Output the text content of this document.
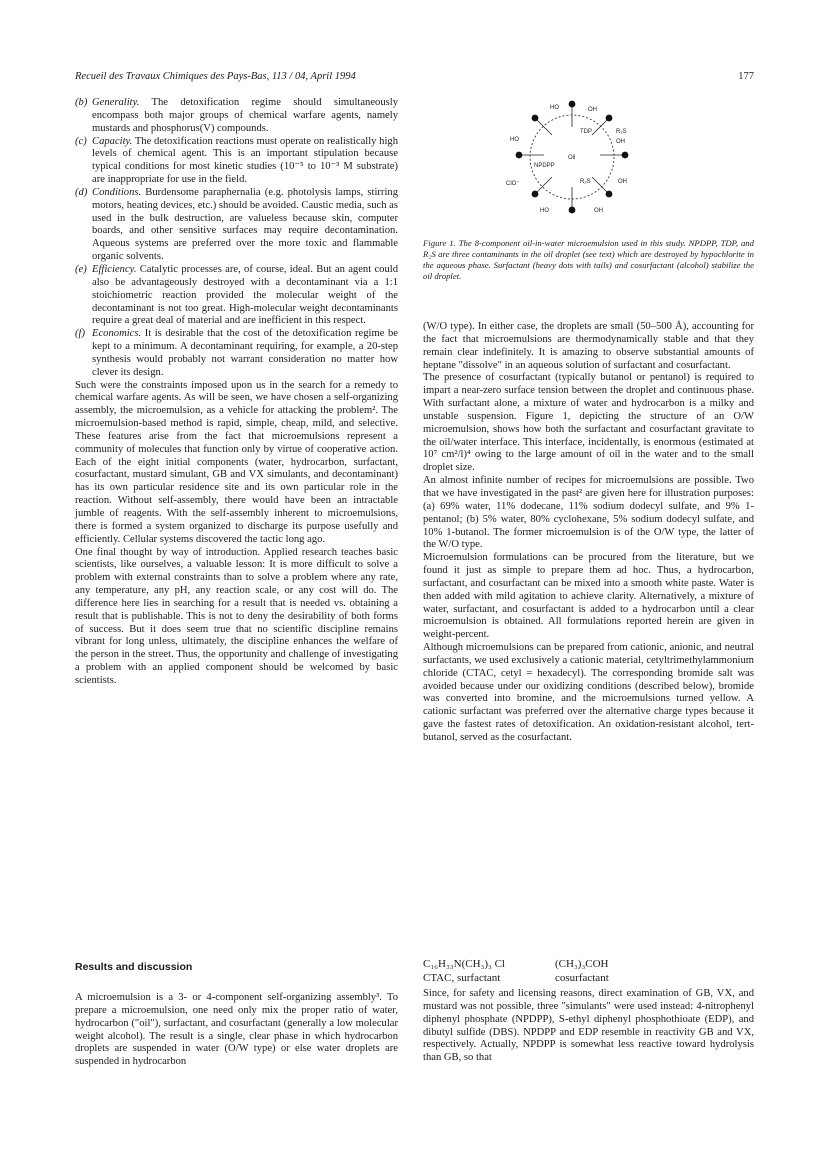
Recueil des Travaux Chimiques des Pays-Bas, 113 / 04, April 1994	177
(b) Generality. The detoxification regime should simultaneously encompass both major groups of chemical warfare agents, namely mustards and phosphorus(V) compounds.
(c) Capacity. The detoxification reactions must operate on realistically high levels of chemical agent. This is an important stipulation because typical conditions for most kinetic studies (10⁻⁵ to 10⁻³ M substrate) are inappropriate for use in the field.
(d) Conditions. Burdensome paraphernalia (e.g. photolysis lamps, stirring motors, heating devices, etc.) should be avoided. Caustic media, such as used in the bulk destruction, are valueless because skin, computer boards, and other sensitive surfaces may require decontamination. Aqueous systems are preferred over the more toxic and flammable organic solvents.
(e) Efficiency. Catalytic processes are, of course, ideal. But an agent could also be advantageously destroyed with a decontaminant via a 1:1 stoichiometric reaction provided the molecular weight of the decontaminant is not too great. High-molecular weight decontaminants require a great deal of material and are inefficient in this respect.
(f) Economics. It is desirable that the cost of the detoxification regime be kept to a minimum. A decontaminant requiring, for example, a 20-step synthesis would probably not warrant consideration no matter how clever its design.

Such were the constraints imposed upon us in the search for a remedy to chemical warfare agents. As will be seen, we have chosen a self-organizing assembly, the microemulsion, as a vehicle for attacking the problem². The microemulsion-based method is rapid, simple, cheap, mild, and selective. These features arise from the fact that microemulsions represent a community of molecules that function only by virtue of cooperative action. Each of the eight initial components (water, hydrocarbon, surfactant, cosurfactant, mustard simulant, GB and VX simulants, and decontaminant) has its own particular residence site and its own particular role in the reaction. Without self-assembly, there would have been an intractable jumble of reagents. With the self-assembly inherent to microemulsions, there is formed a system organized to discharge its purpose usefully and efficiently. Cellular systems discovered the tactic long ago.

One final thought by way of introduction. Applied research teaches basic scientists, like ourselves, a valuable lesson: It is more difficult to solve a problem with external constraints than to solve a problem where any rate, any temperature, any pH, any reaction scale, or any cost will do. The difference here lies in searching for a result that is needed vs. obtaining a result that is publishable. This is not to deny the desirability of both forms of success. But it does seem true that no scientific discipline remains vibrant for long unless, ultimately, the discipline enhances the welfare of the person in the street. Thus, the opportunity and challenge of investigating a problem with an applied component should be welcomed by basic scientists.

Results and discussion
A microemulsion is a 3- or 4-component self-organizing assembly³. To prepare a microemulsion, one need only mix the proper ratio of water, hydrocarbon ("oil"), surfactant, and cosurfactant (generally a low molecular weight alcohol). The result is a single, clear phase in which hydrocarbon droplets are suspended in water (O/W type) or else water droplets are suspended in hydrocarbon
HO	OH
HO
TDP	R₂S
OH
Oil
NPDPP
ClO⁻	R₂S	OH
HO	OH
Figure 1. The 8-component oil-in-water microemulsion used in this study. NPDPP, TDP, and R₂S are three contaminants in the oil droplet (see text) which are destroyed by hypochlorite in the aqueous phase. Surfactant (heavy dots with tails) and cosurfactant (alcohol) stabilize the oil droplet.

(W/O type). In either case, the droplets are small (50–500 Å), accounting for the fact that microemulsions are thermodynamically stable and that they remain clear indefinitely. It is amazing to observe substantial amounts of heptane "dissolve" in an aqueous solution of surfactant and cosurfactant.

The presence of cosurfactant (typically butanol or pentanol) is required to impart a near-zero surface tension between the droplet and continuous phase. With surfactant alone, a mixture of water and hydrocarbon is a milky and unstable suspension. Figure 1, depicting the structure of an O/W microemulsion, shows how both the surfactant and cosurfactant gravitate to the oil/water interface. This interface, incidentally, is enormous (estimated at 10⁷ cm²/l)⁴ owing to the large amount of oil in the water and to the small droplet size.

An almost infinite number of recipes for microemulsions are possible. Two that we have investigated in the past² are given here for illustration purposes: (a) 69% water, 11% dodecane, 11% sodium dodecyl sulfate, and 9% 1-pentanol; (b) 5% water, 80% cyclohexane, 5% sodium dodecyl sulfate, and 10% 1-butanol. The former microemulsion is of the O/W type, the latter of the W/O type.

Microemulsion formulations can be procured from the literature, but we found it just as simple to prepare them ad hoc. Thus, a hydrocarbon, surfactant, and cosurfactant can be mixed into a smooth white paste. Water is then added with mild agitation to achieve clarity. Alternatively, a mixture of water, surfactant, and cosurfactant is added to a hydrocarbon until a clear microemulsion is obtained. All formulations reported herein are given in weight-percent.

Although microemulsions can be prepared from cationic, anionic, and neutral surfactants, we used exclusively a cationic material, cetyltrimethylammonium chloride (CTAC, cetyl = hexadecyl). The corresponding bromide salt was avoided because under our oxidizing conditions (described below), bromide was converted into bromine, and the microemulsions turned yellow. A cationic surfactant was preferred over the alternative charge types because it gave the fastest rates of detoxification. An oxidation-resistant alcohol, tert-butanol, served as the cosurfactant.

C₁₆H₃₃N(CH₃)₃ Cl	(CH₃)₃COH
CTAC, surfactant	cosurfactant
Since, for safety and licensing reasons, direct examination of GB, VX, and mustard was not possible, three "simulants" were used instead: 4-nitrophenyl diphenyl phosphate (NPDPP), S-ethyl diphenyl phosphothioate (EDP), and dibutyl sulfide (DBS). NPDPP and EDP resemble in reactivity GB and VX, respectively. Actually, NPDPP is somewhat less reactive toward hydrolysis than GB, so that
